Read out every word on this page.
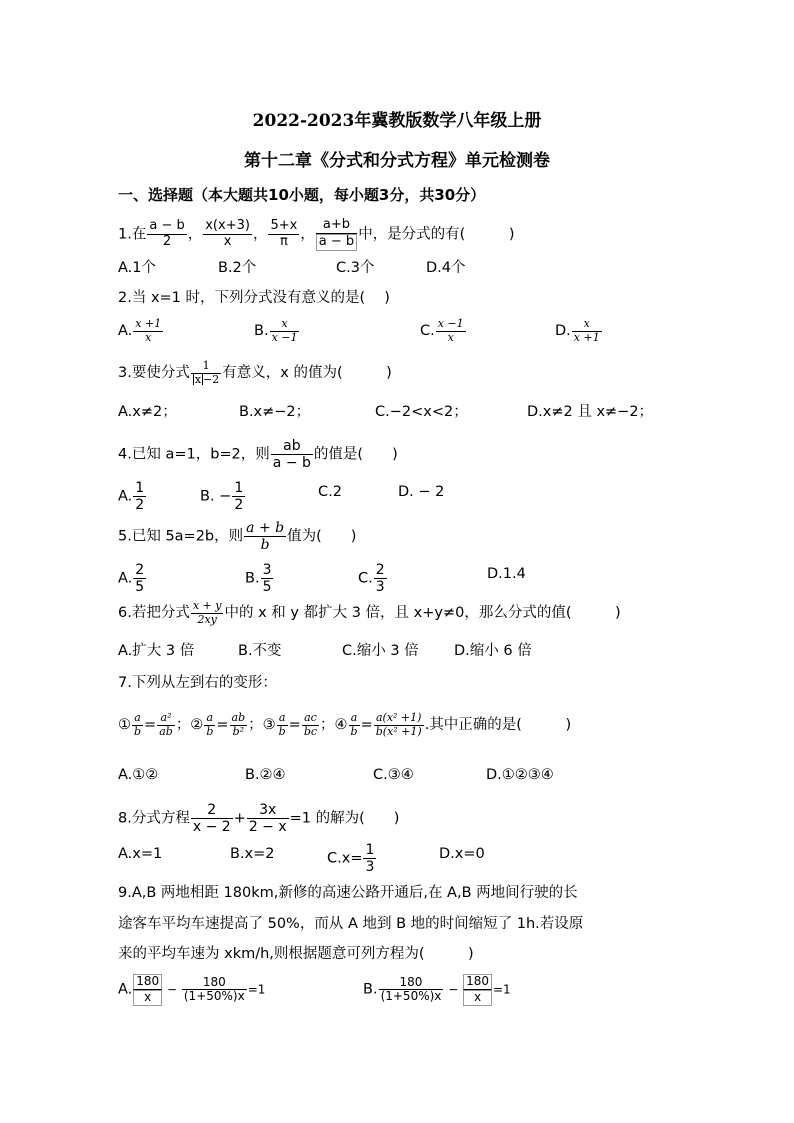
2022-2023年冀教版数学八年级上册
第十二章《分式和分式方程》单元检测卷
一、选择题（本大题共10小题，每小题3分，共30分）
1.在 $\frac{a - b}{2}$ ， $\frac{x(x+3)}{x}$ ， $\frac{5+x}{\pi}$ ， $\frac{a+b}{a - b}$ 中，是分式的有(　　　)
A.1个	B.2个	C.3个	D.4个
2.当 x=1 时，下列分式没有意义的是(　 )
A. $\frac{x +1}{x}$	B. $\frac{x}{x -1}$	C. $\frac{x -1}{x}$	D. $\frac{x}{x +1}$
3.要使分式 $\frac{1}{x -2}$ 有意义，x 的值为(　　　)
A.x≠2；	B.x≠−2；	C.−2<x<2；	D.x≠2 且 x≠−2；
4.已知 a=1，b=2，则 $\frac{ab}{a - b}$ 的值是(　　)
A. $\frac{1}{2}$	B. − $\frac{1}{2}$	C.2	D. − 2
5.已知 5a=2b，则 $\frac{a + b}{b}$ 值为(　　)
A. $\frac{2}{5}$	B. $\frac{3}{5}$	C. $\frac{2}{3}$	D.1.4
6.若把分式 $\frac{x + y}{2xy}$ 中的 x 和 y 都扩大 3 倍，且 x+y≠0，那么分式的值(　　　)
A.扩大 3 倍	B.不变	C.缩小 3 倍 D.缩小 6 倍
7.下列从左到右的变形：
① $\frac{a}{b} = \frac{\text{a²}}{ab}$ ；② $\frac{a}{b} = \frac{ab}{\text{b²}}$ ；③ $\frac{a}{b} = \frac{ac}{bc}$ ；④ $\frac{a}{b} = \frac{\text{a(x² +1)}}{\text{b(x² +1)}}$ .其中正确的是(　　　)
A.①②	B.②④	C.③④	D.①②③④
8.分式方程 $\frac{2}{x - 2} + \frac{3x}{2 - x} =1$ 的解为(　　)
A.x=1	B.x=2	$C.x= \frac{1}{3}$	D.x=0
9.A,B 两地相距 180km,新修的高速公路开通后,在 A,B 两地间行驶的长
途客车平均车速提高了 50%，而从 A 地到 B 地的时间缩短了 1h.若设原
来的平均车速为 xkm/h,则根据题意可列方程为(　　　)
A. $\frac{180}{x} - \frac{180}{(1+50\%)x} =1$	B. $\frac{180}{(1+50\%)x} - \frac{180}{x} =1$
